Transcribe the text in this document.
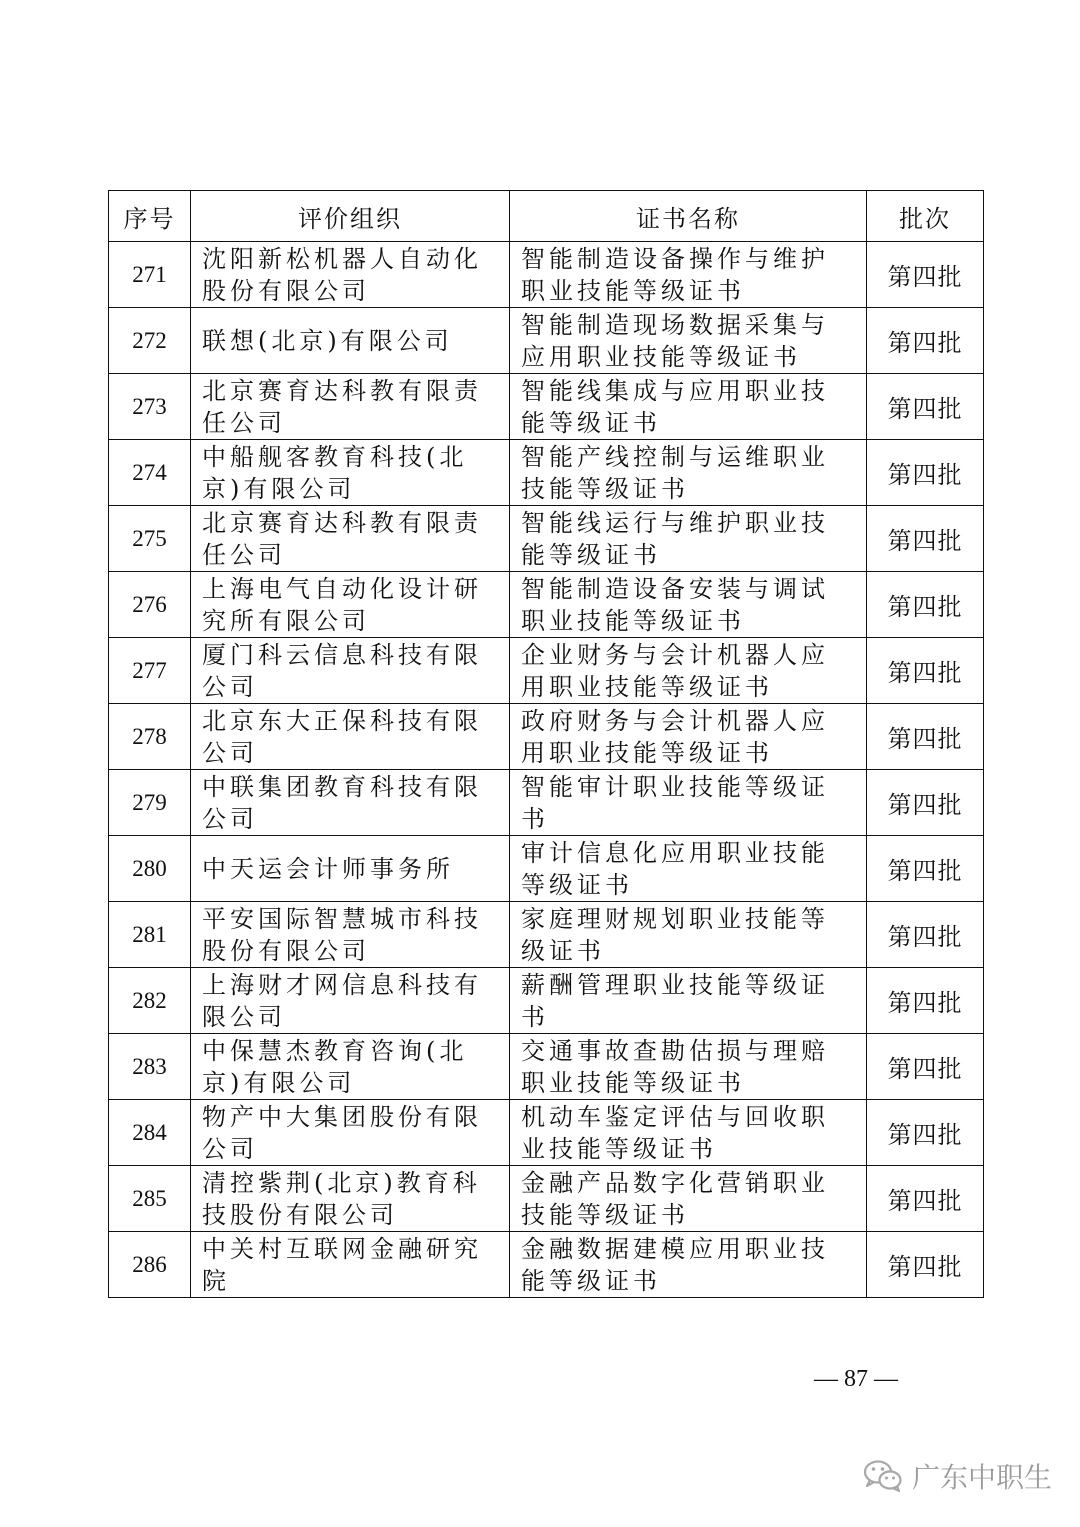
序号	评价组织	证书名称	批次
271	沈阳新松机器人自动化股份有限公司	智能制造设备操作与维护职业技能等级证书	第四批
272	联想(北京)有限公司	智能制造现场数据采集与应用职业技能等级证书	第四批
273	北京赛育达科教有限责任公司	智能线集成与应用职业技能等级证书	第四批
274	中船舰客教育科技(北京)有限公司	智能产线控制与运维职业技能等级证书	第四批
275	北京赛育达科教有限责任公司	智能线运行与维护职业技能等级证书	第四批
276	上海电气自动化设计研究所有限公司	智能制造设备安装与调试职业技能等级证书	第四批
277	厦门科云信息科技有限公司	企业财务与会计机器人应用职业技能等级证书	第四批
278	北京东大正保科技有限公司	政府财务与会计机器人应用职业技能等级证书	第四批
279	中联集团教育科技有限公司	智能审计职业技能等级证书	第四批
280	中天运会计师事务所	审计信息化应用职业技能等级证书	第四批
281	平安国际智慧城市科技股份有限公司	家庭理财规划职业技能等级证书	第四批
282	上海财才网信息科技有限公司	薪酬管理职业技能等级证书	第四批
283	中保慧杰教育咨询(北京)有限公司	交通事故查勘估损与理赔职业技能等级证书	第四批
284	物产中大集团股份有限公司	机动车鉴定评估与回收职业技能等级证书	第四批
285	清控紫荆(北京)教育科技股份有限公司	金融产品数字化营销职业技能等级证书	第四批
286	中关村互联网金融研究院	金融数据建模应用职业技能等级证书	第四批
— 87 —
广东中职生
